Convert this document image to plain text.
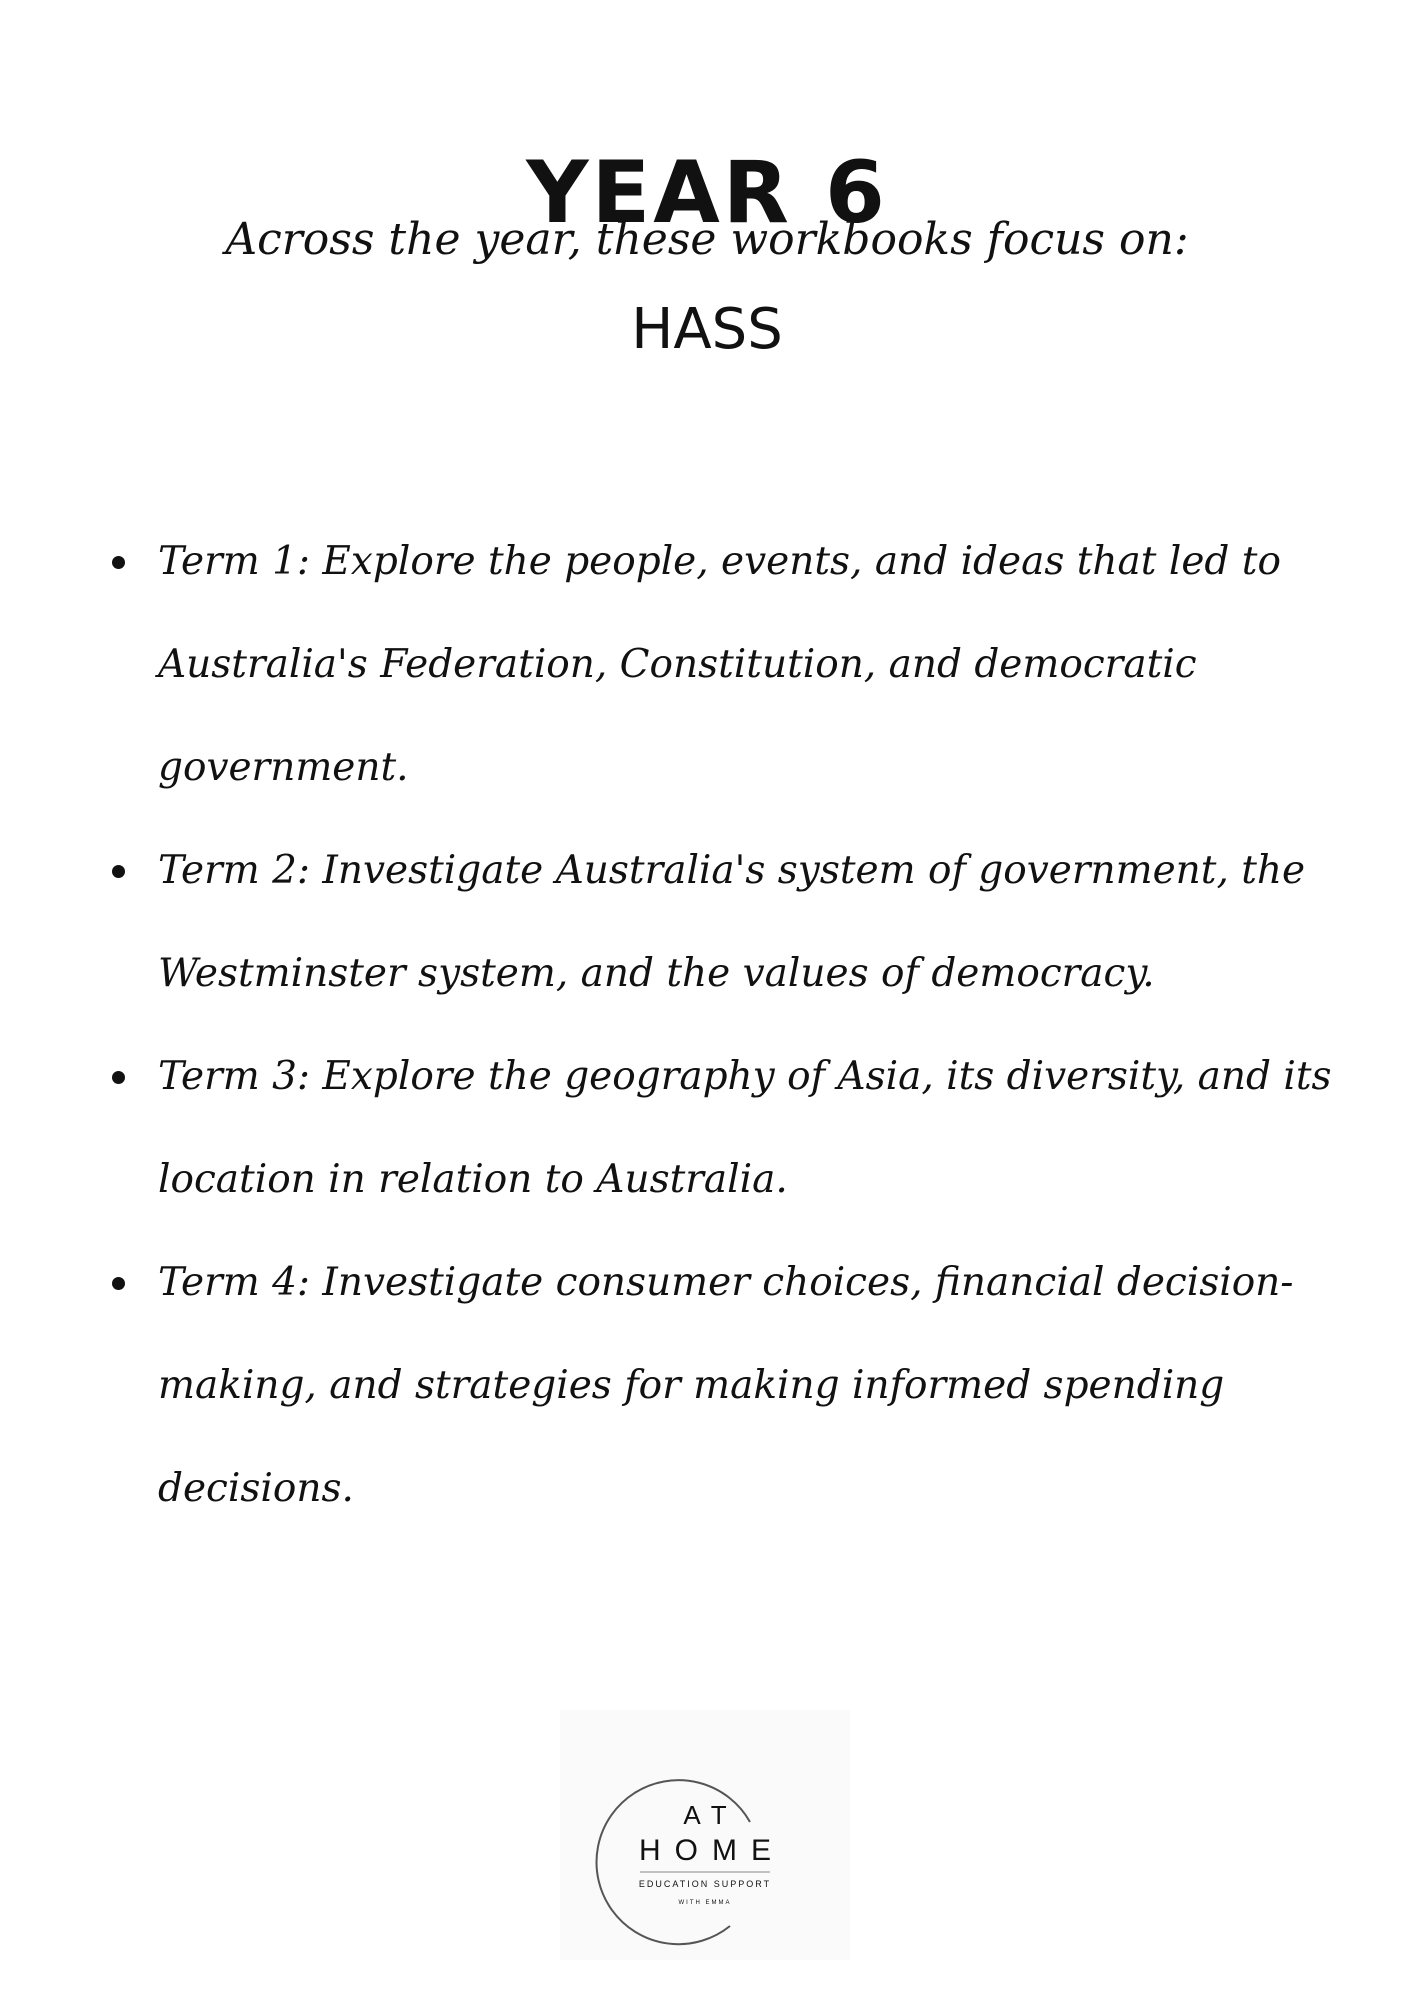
YEAR 6
Across the year, these workbooks focus on:
HASS
Term 1: Explore the people, events, and ideas that led to Australia's Federation, Constitution, and democratic government.
Term 2: Investigate Australia's system of government, the Westminster system, and the values of democracy.
Term 3: Explore the geography of Asia, its diversity, and its location in relation to Australia.
Term 4: Investigate consumer choices, financial decision-making, and strategies for making informed spending decisions.
AT
HOME
EDUCATION SUPPORT
WITH EMMA
